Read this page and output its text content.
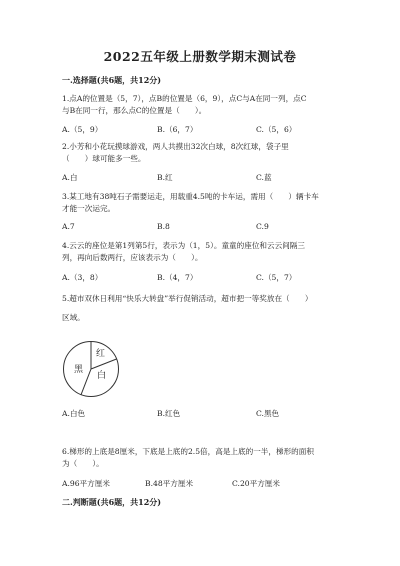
2022五年级上册数学期末测试卷
一.选择题(共6题，共12分)
1.点A的位置是（5，7），点B的位置是（6，9），点C与A在同一列，点C
与B在同一行，那么点C的位置是（　　）。
A.（5，9）	B.（6，7）	C.（5，6）
2.小芳和小花玩摸球游戏，两人共摸出32次白球，8次红球，袋子里
（　　）球可能多一些。
A.白	B.红	C.蓝
3.某工地有38吨石子需要运走，用载重4.5吨的卡车运，需用（　　）辆卡车
才能一次运完。
A.7	B.8	C.9
4.云云的座位是第1列第5行，表示为（1，5）。童童的座位和云云间隔三
列，再向后数两行，应该表示为（　　）。
A.（3，8）	B.（4，7）	C.（5，7）
5.超市双休日利用“快乐大转盘”举行促销活动，超市把一等奖放在（　　）
区域。
黑
红
白
A.白色	B.红色	C.黑色
6.梯形的上底是8厘米，下底是上底的2.5倍，高是上底的一半，梯形的面积
为（　　）。
A.96平方厘米	B.48平方厘米	C.20平方厘米
二.判断题(共6题，共12分)
